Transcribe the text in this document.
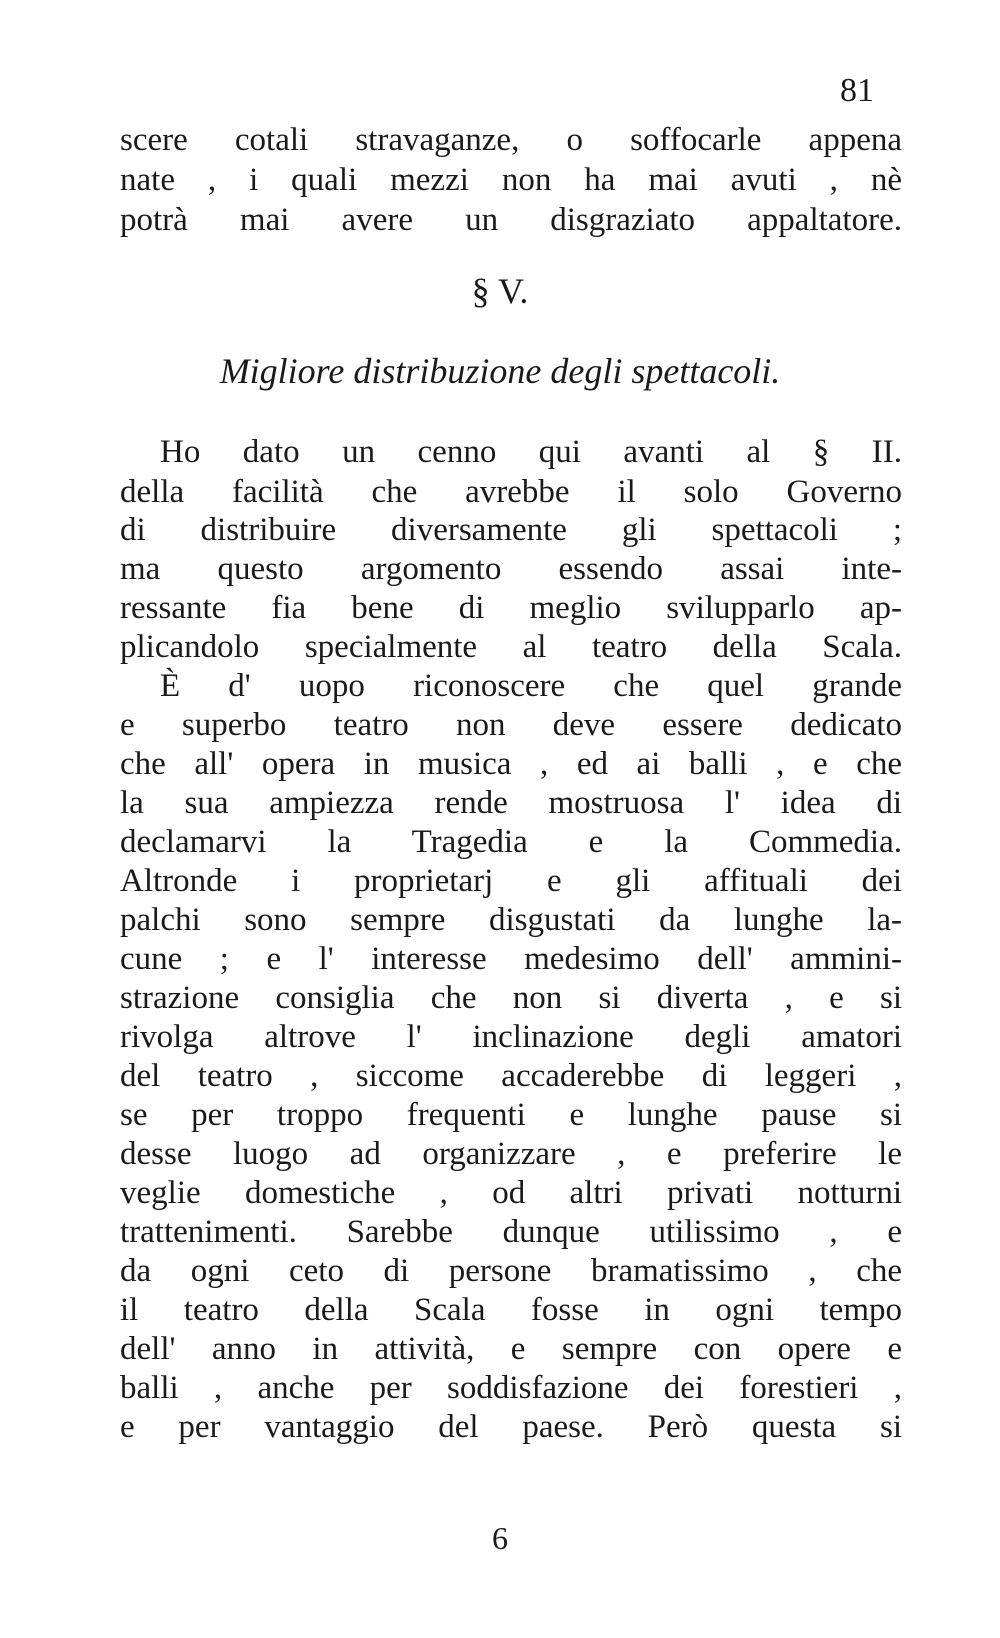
81
scere cotali stravaganze, o soffocarle appena
nate , i quali mezzi non ha mai avuti , nè
potrà mai avere un disgraziato appaltatore.
§ V.
Migliore distribuzione degli spettacoli.
Ho dato un cenno qui avanti al § II.
della facilità che avrebbe il solo Governo
di distribuire diversamente gli spettacoli ;
ma questo argomento essendo assai inte-
ressante fia bene di meglio svilupparlo ap-
plicandolo specialmente al teatro della Scala.
È d' uopo riconoscere che quel grande
e superbo teatro non deve essere dedicato
che all' opera in musica , ed ai balli , e che
la sua ampiezza rende mostruosa l' idea di
declamarvi la Tragedia e la Commedia.
Altronde i proprietarj e gli affituali dei
palchi sono sempre disgustati da lunghe la-
cune ; e l' interesse medesimo dell' ammini-
strazione consiglia che non si diverta , e si
rivolga altrove l' inclinazione degli amatori
del teatro , siccome accaderebbe di leggeri ,
se per troppo frequenti e lunghe pause si
desse luogo ad organizzare , e preferire le
veglie domestiche , od altri privati notturni
trattenimenti. Sarebbe dunque utilissimo , e
da ogni ceto di persone bramatissimo , che
il teatro della Scala fosse in ogni tempo
dell' anno in attività, e sempre con opere e
balli , anche per soddisfazione dei forestieri ,
e per vantaggio del paese. Però questa si
6
